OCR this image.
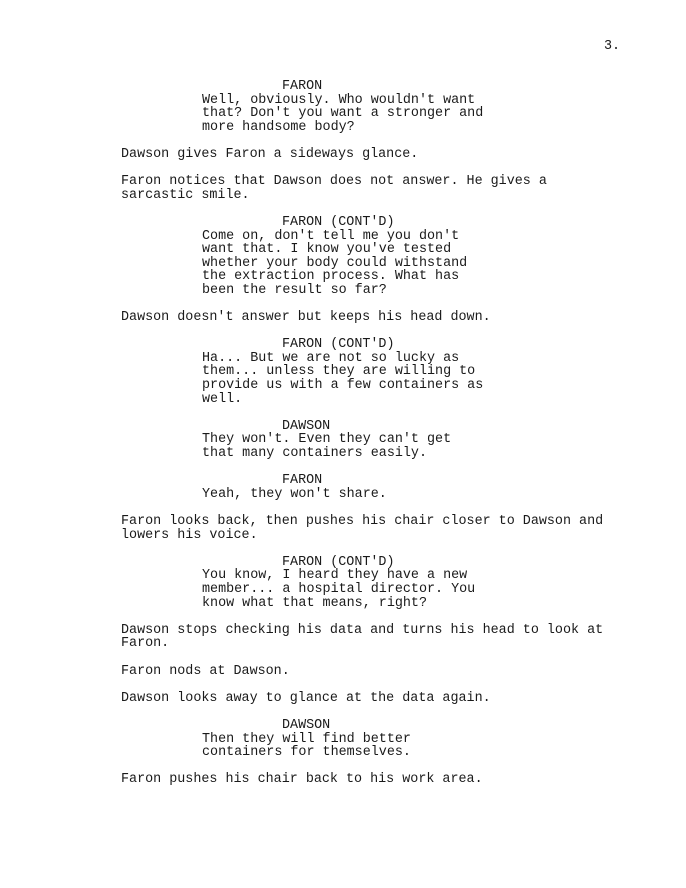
3.

FARON
Well, obviously. Who wouldn't want
that? Don't you want a stronger and
more handsome body?
Dawson gives Faron a sideways glance.
Faron notices that Dawson does not answer. He gives a
sarcastic smile.
FARON (CONT'D)
Come on, don't tell me you don't
want that. I know you've tested
whether your body could withstand
the extraction process. What has
been the result so far?
Dawson doesn't answer but keeps his head down.
FARON (CONT'D)
Ha... But we are not so lucky as
them... unless they are willing to
provide us with a few containers as
well.
DAWSON
They won't. Even they can't get
that many containers easily.
FARON
Yeah, they won't share.
Faron looks back, then pushes his chair closer to Dawson and
lowers his voice.
FARON (CONT'D)
You know, I heard they have a new
member... a hospital director. You
know what that means, right?
Dawson stops checking his data and turns his head to look at
Faron.
Faron nods at Dawson.
Dawson looks away to glance at the data again.
DAWSON
Then they will find better
containers for themselves.
Faron pushes his chair back to his work area.
